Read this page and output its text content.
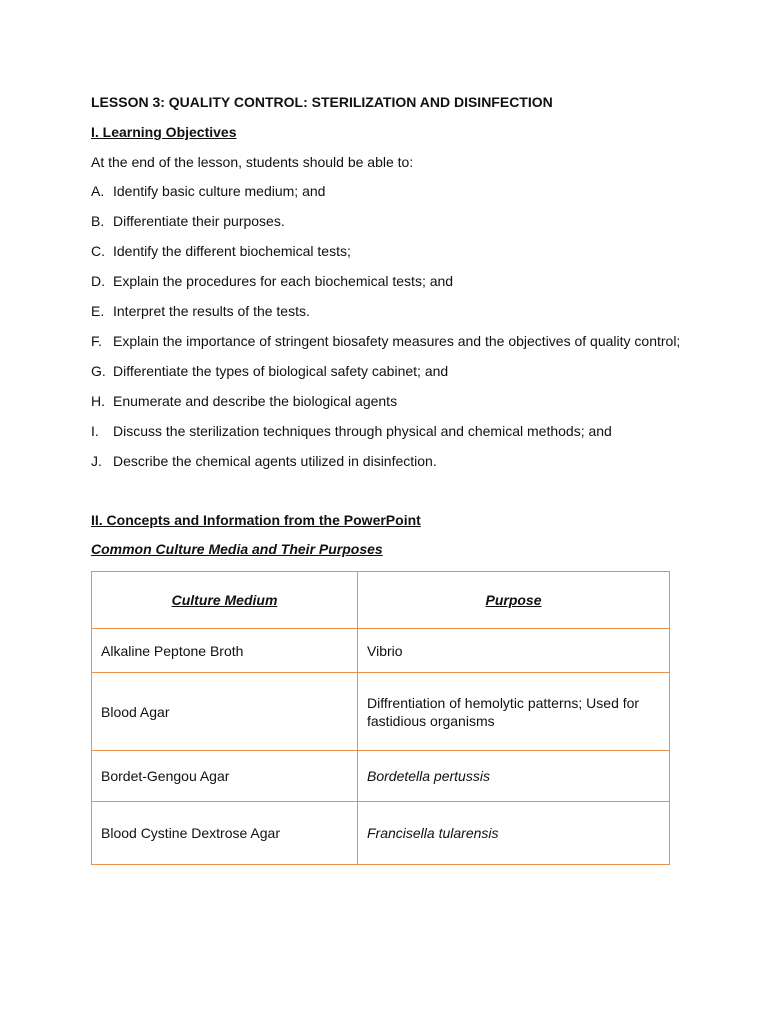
LESSON 3: QUALITY CONTROL: STERILIZATION AND DISINFECTION
I. Learning Objectives

At the end of the lesson, students should be able to:

A. Identify basic culture medium; and
B. Differentiate their purposes.
C. Identify the different biochemical tests;
D. Explain the procedures for each biochemical tests; and
E. Interpret the results of the tests.
F. Explain the importance of stringent biosafety measures and the objectives of quality control;
G. Differentiate the types of biological safety cabinet; and
H. Enumerate and describe the biological agents
I.	Discuss the sterilization techniques through physical and chemical methods; and
J. Describe the chemical agents utilized in disinfection.
II. Concepts and Information from the PowerPoint
Common Culture Media and Their Purposes
Culture Medium	Purpose
Alkaline Peptone Broth	Vibrio
Blood Agar	Diffrentiation of hemolytic patterns; Used for fastidious organisms
Bordet-Gengou Agar	Bordetella pertussis
Blood Cystine Dextrose Agar	Francisella tularensis
